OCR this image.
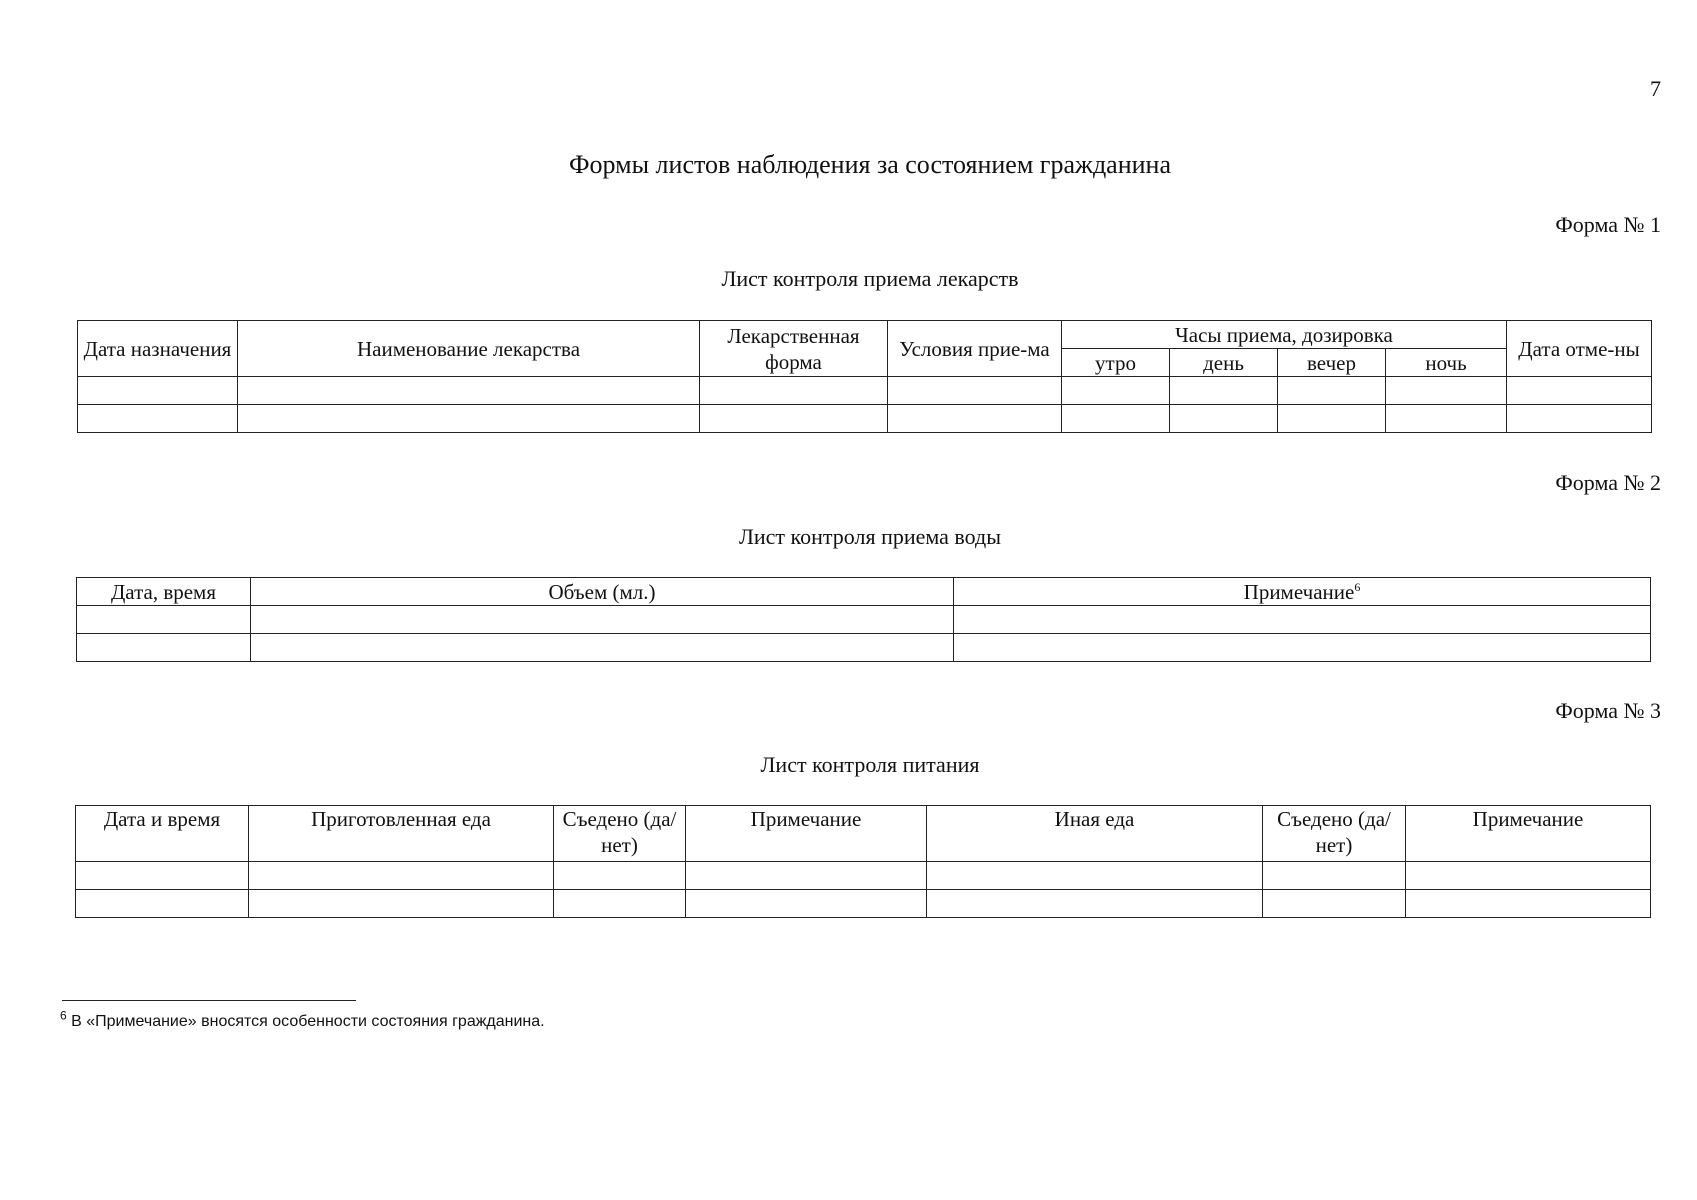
7
Формы листов наблюдения за состоянием гражданина
Форма № 1
Лист контроля приема лекарств
Дата назначения	Наименование лекарства	Лекарственная форма	Условия прие-ма	Часы приема, дозировка				Дата отме-ны
				утро	день	вечер	ночь	

Форма № 2
Лист контроля приема воды
Дата, время	Объем (мл.)	Примечание$^6$

Форма № 3
Лист контроля питания
Дата и время	Приготовленная еда	Съедено (да/нет)	Примечание	Иная еда	Съедено (да/нет)	Примечание

$^6$ В «Примечание» вносятся особенности состояния гражданина.
